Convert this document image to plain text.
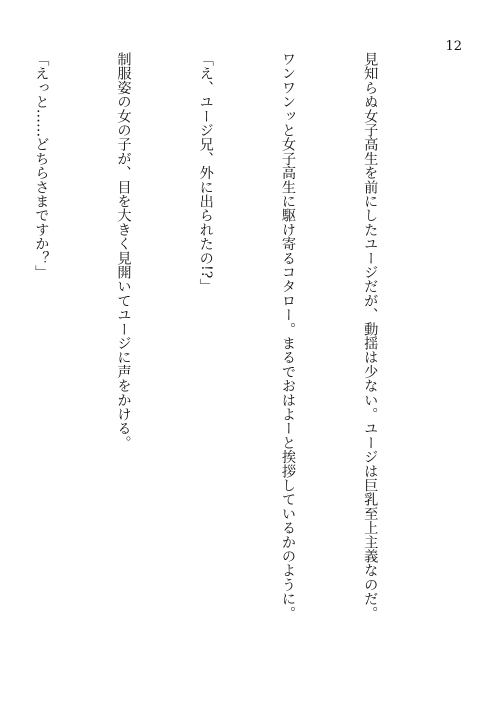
12

見知らぬ女子高生を前にしたユージだが、動揺は少ない。ユージは巨乳至上主義なのだ。

ワンワンッと女子高生に駆け寄るコタロー。まるでおはよーと挨拶しているかのように。

「え、ユージ兄、外に出られたの!?」

制服姿の女の子が、目を大きく見開いてユージに声をかける。

「えっと……どちらさまですか？」
